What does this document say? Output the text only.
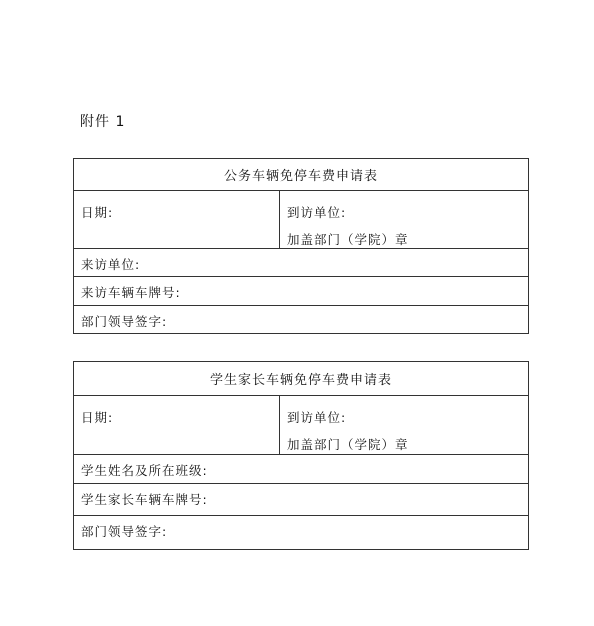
附件 1
公务车辆免停车费申请表

日期:	到访单位:
加盖部门（学院）章

来访单位:

来访车辆车牌号:

部门领导签字:
学生家长车辆免停车费申请表

日期:	到访单位:
加盖部门（学院）章

学生姓名及所在班级:

学生家长车辆车牌号:

部门领导签字:
